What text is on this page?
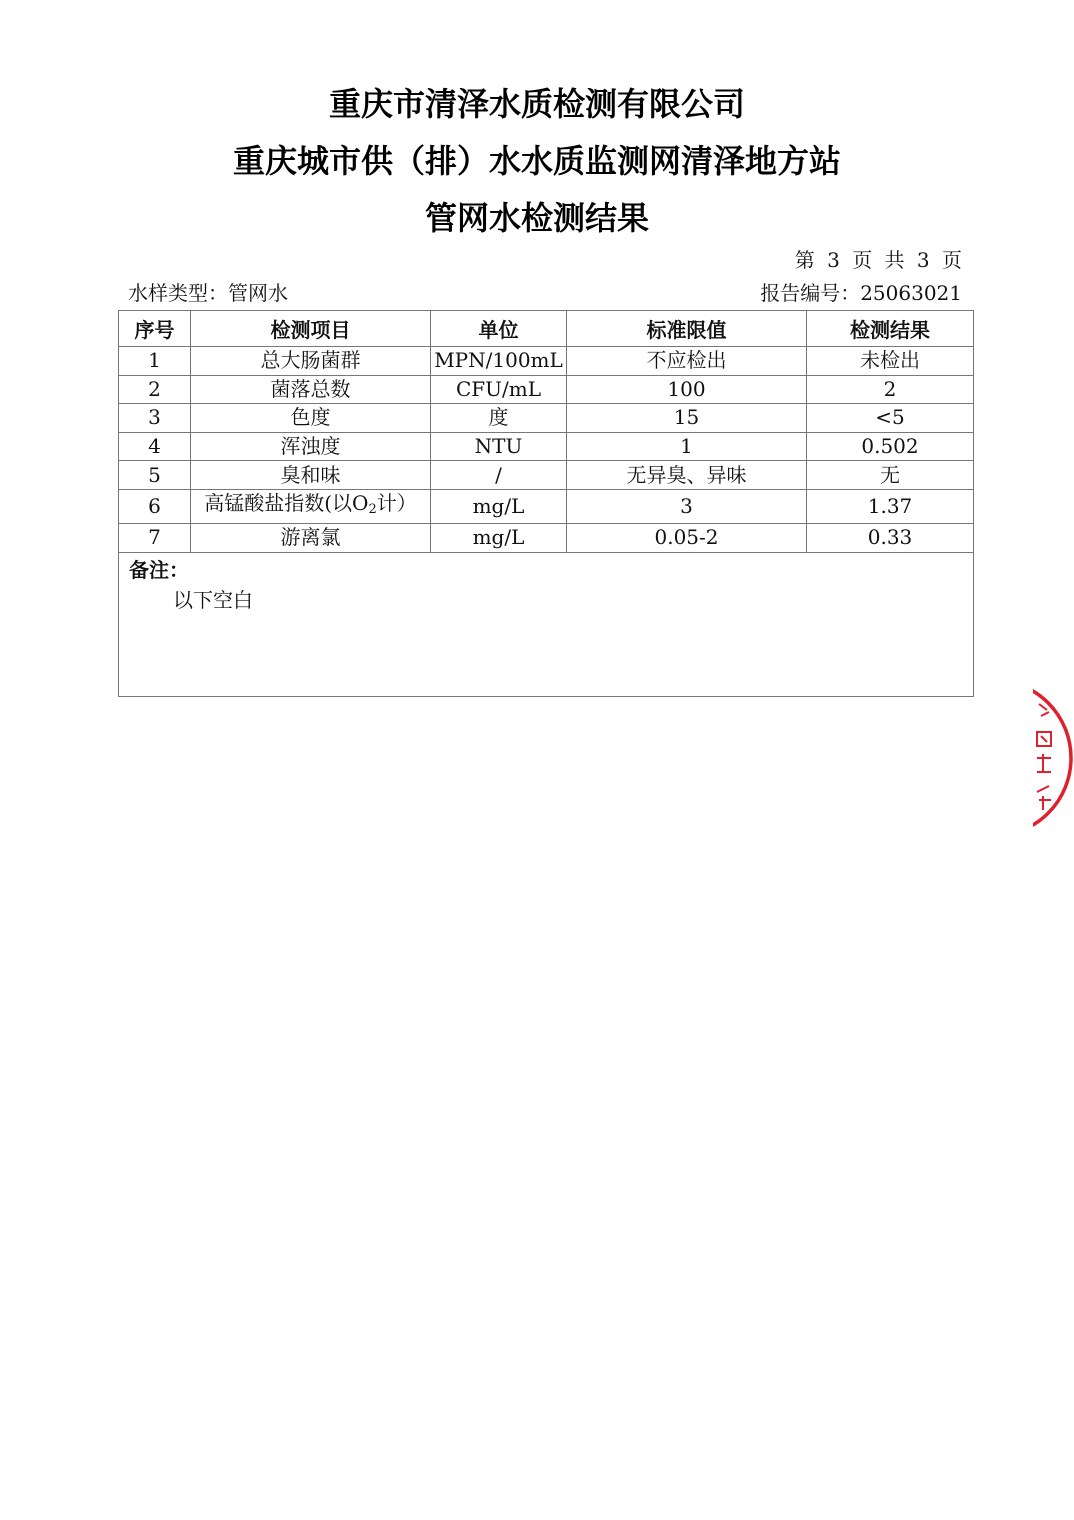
重庆市清泽水质检测有限公司
重庆城市供（排）水水质监测网清泽地方站
管网水检测结果
第 3 页 共 3 页
水样类型：管网水	报告编号：25063021
序号	检测项目	单位	标准限值	检测结果
1	总大肠菌群	MPN/100mL	不应检出	未检出
2	菌落总数	CFU/mL	100	2
3	色度	度	15	<5
4	浑浊度	NTU	1	0.502
5	臭和味	/	无异臭、异味	无
6	高锰酸盐指数(以$O_2$计）	mg/L	3	1.37
7	游离氯	mg/L	0.05-2	0.33

备注：
以下空白				
